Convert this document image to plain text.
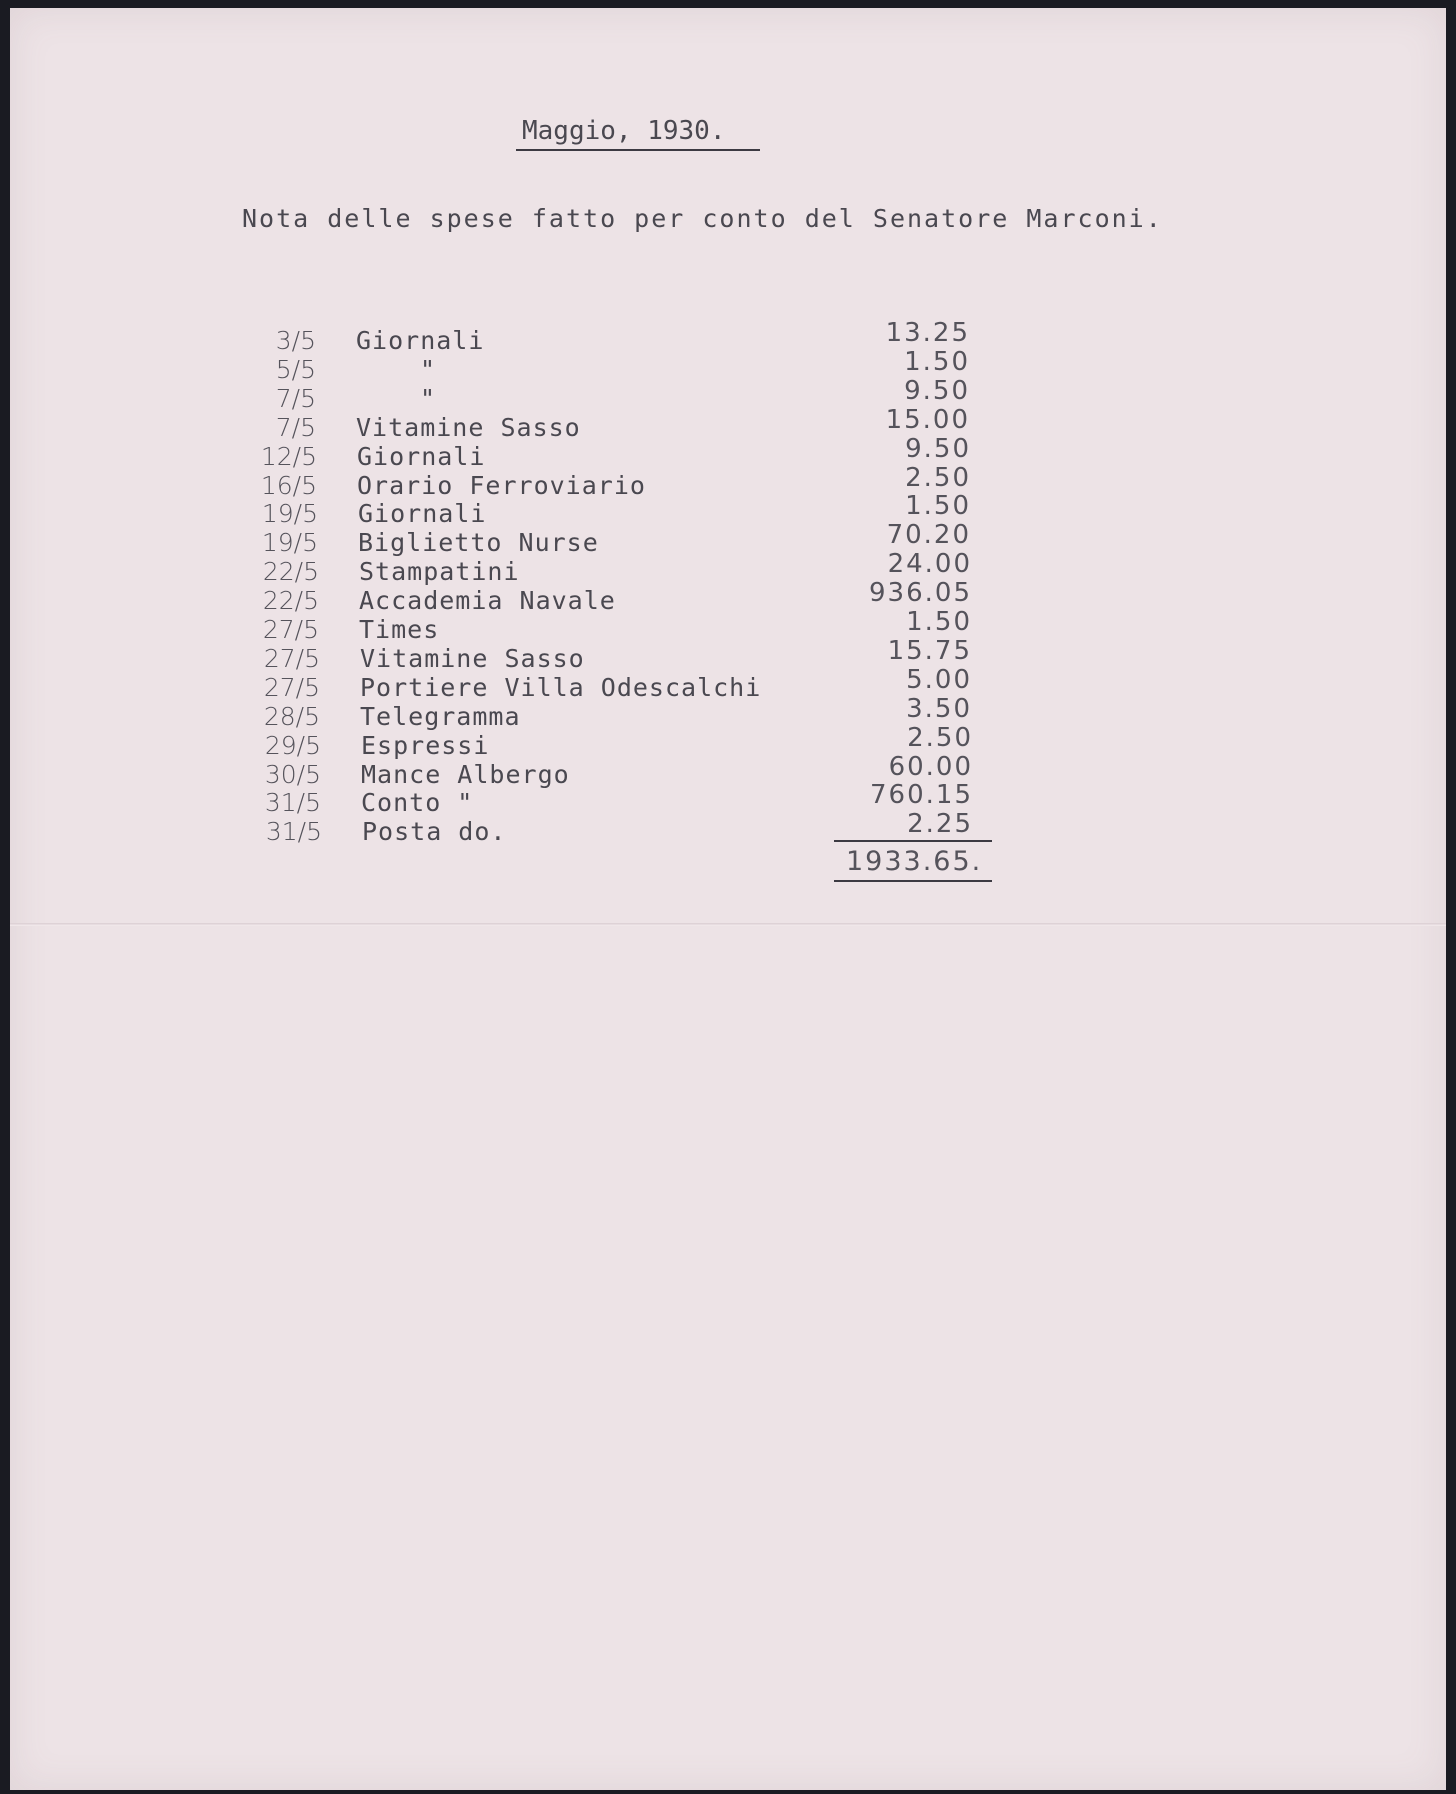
Maggio, 1930.
Nota delle spese fatto per conto del Senatore Marconi.
3/5 Giornali	13.25
5/5	"	1.50
7/5	"	9.50
7/5 Vitamine Sasso	15.00
12/5 Giornali	9.50
16/5 Orario Ferroviario	2.50
19/5 Giornali	1.50
19/5 Biglietto Nurse	70.20
22/5 Stampatini	24.00
22/5 Accademia Navale	936.05
27/5 Times	1.50
27/5 Vitamine Sasso	15.75
27/5 Portiere Villa Odescalchi	5.00
28/5 Telegramma	3.50
29/5 Espressi	2.50
30/5 Mance Albergo	60.00
31/5 Conto "	760.15
31/5 Posta do.	2.25
1933.65.
